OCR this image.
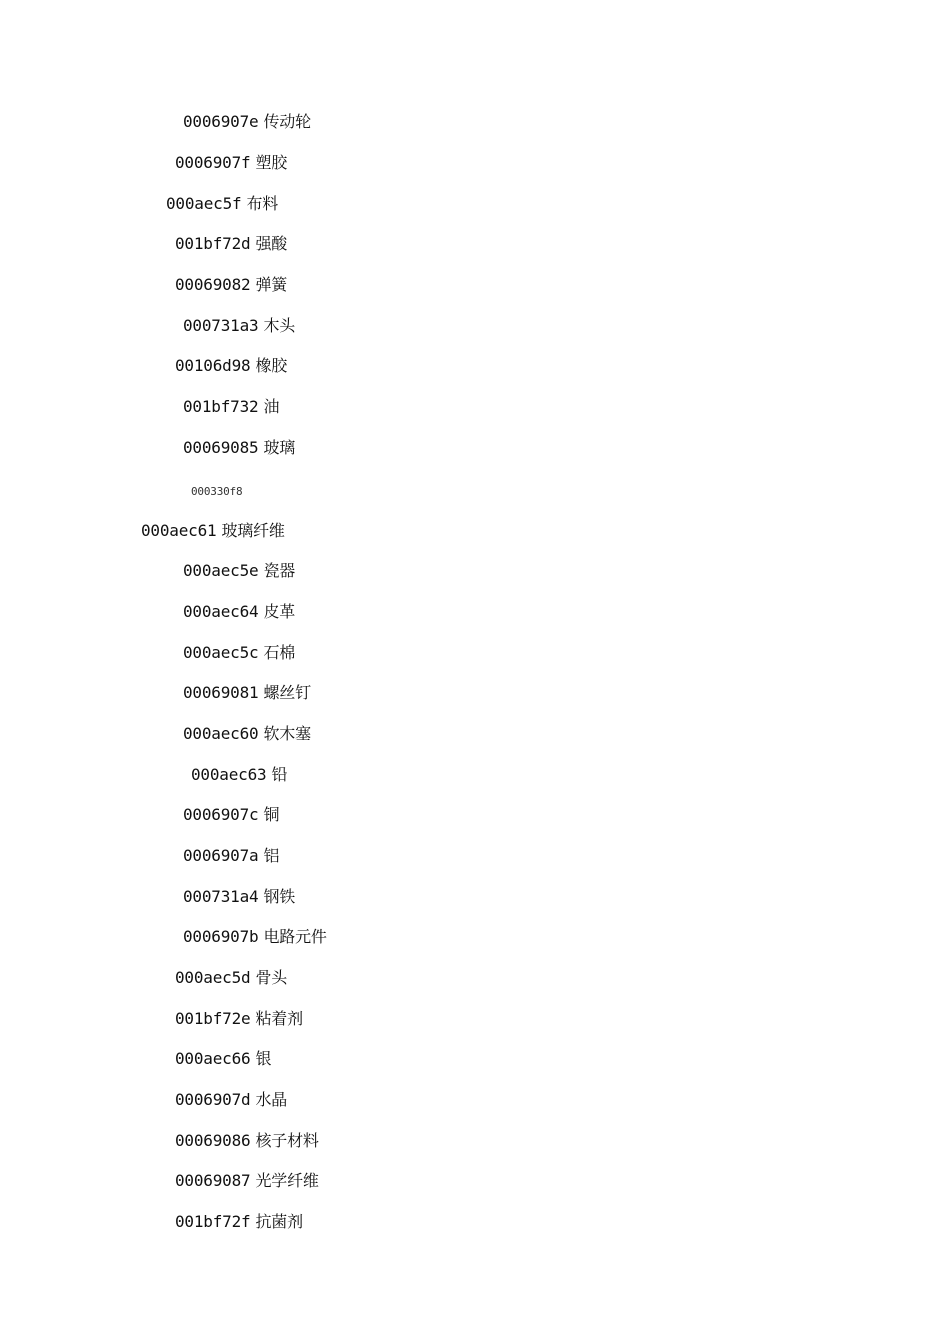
0006907e 传动轮
0006907f 塑胶
000aec5f 布料
001bf72d 强酸
00069082 弹簧
000731a3 木头
00106d98 橡胶
001bf732 油
00069085 玻璃
000330f8
000aec61 玻璃纤维
000aec5e 瓷器
000aec64 皮革
000aec5c 石棉
00069081 螺丝钉
000aec60 软木塞
000aec63 铅
0006907c 铜
0006907a 铝
000731a4 钢铁
0006907b 电路元件
000aec5d 骨头
001bf72e 粘着剂
000aec66 银
0006907d 水晶
00069086 核子材料
00069087 光学纤维
001bf72f 抗菌剂
